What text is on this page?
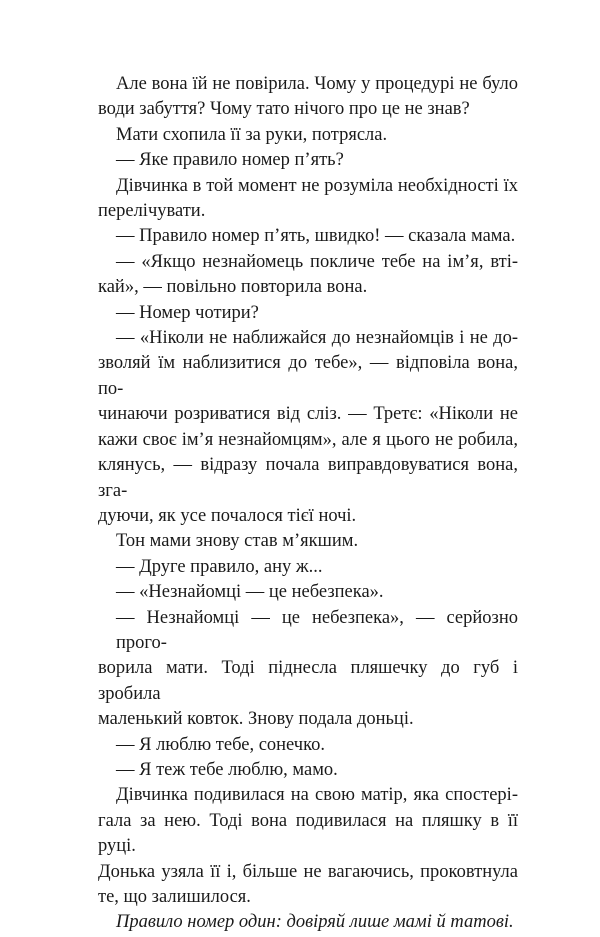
Але вона їй не повірила. Чому у процедурі не було
води забуття? Чому тато нічого про це не знав?

Мати схопила її за руки, потрясла.

— Яке правило номер п’ять?

Дівчинка в той момент не розуміла необхідності їх
перелічувати.

— Правило номер п’ять, швидко! — сказала мама.

— «Якщо незнайомець покличе тебе на ім’я, вті-
кай», — повільно повторила вона.

— Номер чотири?

— «Ніколи не наближайся до незнайомців і не до-
зволяй їм наблизитися до тебе», — відповіла вона, по-
чинаючи розриватися від сліз. — Третє: «Ніколи не
кажи своє ім’я незнайомцям», але я цього не робила,
клянусь, — відразу почала виправдовуватися вона, зга-
дуючи, як усе почалося тієї ночі.

Тон мами знову став м’якшим.

— Друге правило, ану ж...

— «Незнайомці — це небезпека».

— Незнайомці — це небезпека», — серйозно прого-
ворила мати. Тоді піднесла пляшечку до губ і зробила
маленький ковток. Знову подала доньці.

— Я люблю тебе, сонечко.

— Я теж тебе люблю, мамо.

Дівчинка подивилася на свою матір, яка спостері-
гала за нею. Тоді вона подивилася на пляшку в її руці.
Донька узяла її і, більше не вагаючись, проковтнула
те, що залишилося.

Правило номер один: довіряй лише мамі й татові.
